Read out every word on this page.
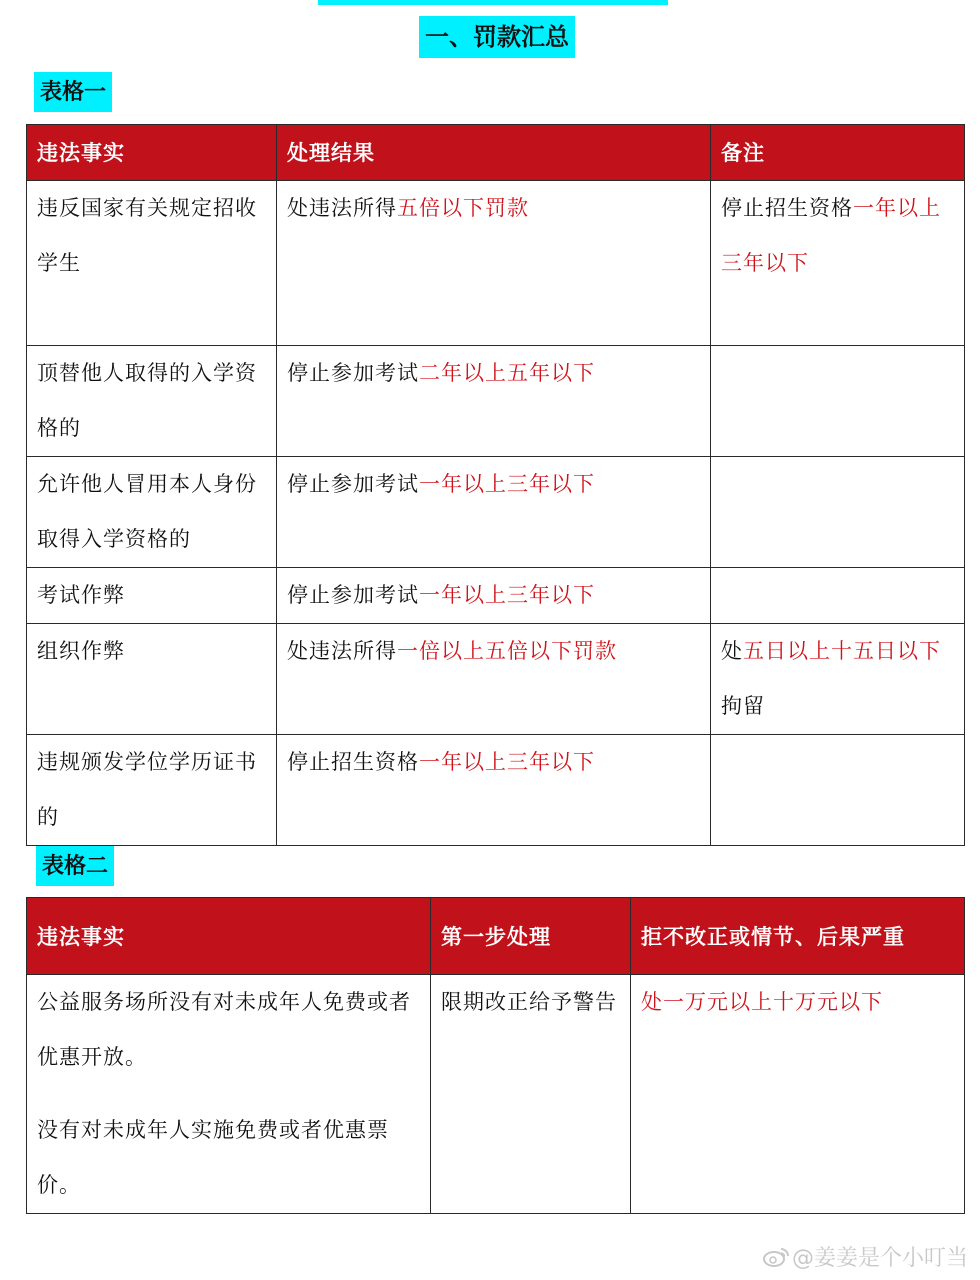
一、罚款汇总
表格一
违法事实	处理结果	备注
违反国家有关规定招收学生	处违法所得五倍以下罚款	停止招生资格一年以上三年以下
顶替他人取得的入学资格的	停止参加考试二年以上五年以下	
允许他人冒用本人身份取得入学资格的	停止参加考试一年以上三年以下	
考试作弊	停止参加考试一年以上三年以下	
组织作弊	处违法所得一倍以上五倍以下罚款	处五日以上十五日以下拘留
违规颁发学位学历证书的	停止招生资格一年以上三年以下	
表格二
违法事实	第一步处理	拒不改正或情节、后果严重

公益服务场所没有对未成年人免费或者优惠开放。
没有对未成年人实施免费或者优惠票价。	限期改正给予警告	处一万元以上十万元以下
@姜姜是个小叮当
